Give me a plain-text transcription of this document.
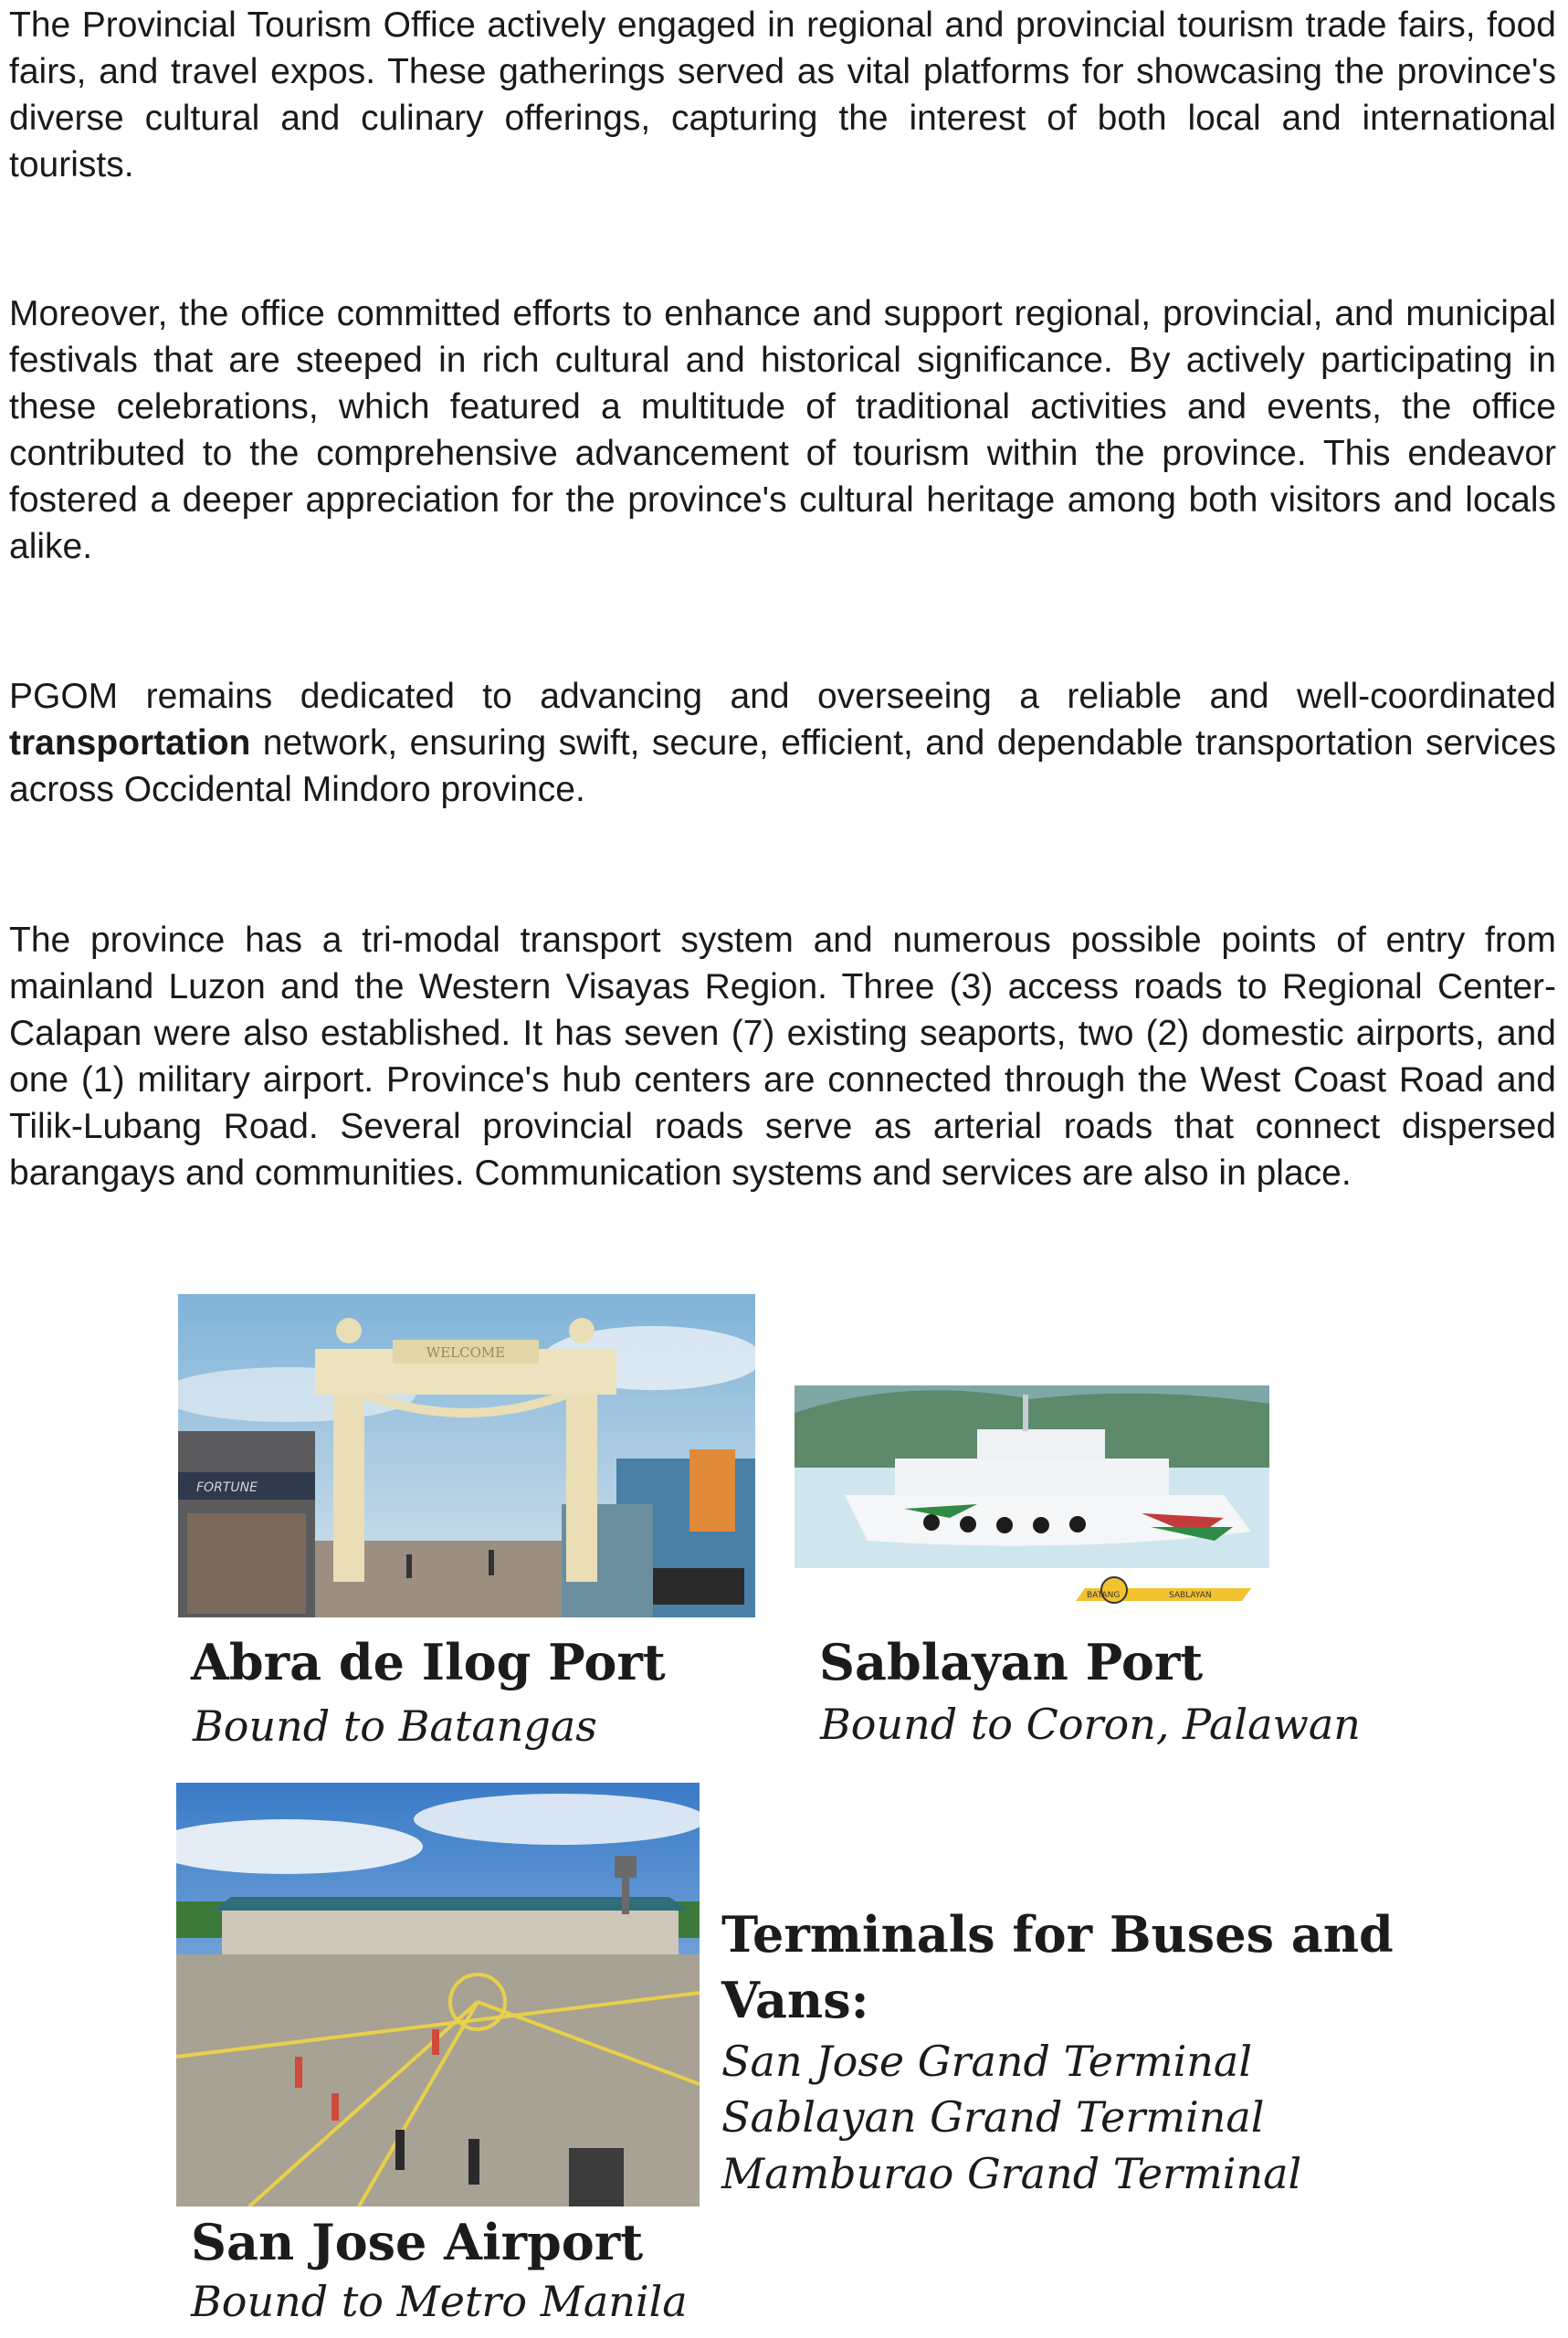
The Provincial Tourism Office actively engaged in regional and provincial tourism trade fairs, food fairs, and travel expos. These gatherings served as vital platforms for showcasing the province's diverse cultural and culinary offerings, capturing the interest of both local and international tourists.

Moreover, the office committed efforts to enhance and support regional, provincial, and municipal festivals that are steeped in rich cultural and historical significance. By actively participating in these celebrations, which featured a multitude of traditional activities and events, the office contributed to the comprehensive advancement of tourism within the province. This endeavor fostered a deeper appreciation for the province's cultural heritage among both visitors and locals alike.

PGOM remains dedicated to advancing and overseeing a reliable and well-coordinated transportation network, ensuring swift, secure, efficient, and dependable transportation services across Occidental Mindoro province.

The province has a tri-modal transport system and numerous possible points of entry from mainland Luzon and the Western Visayas Region. Three (3) access roads to Regional Center-Calapan were also established. It has seven (7) existing seaports, two (2) domestic airports, and one (1) military airport. Province's hub centers are connected through the West Coast Road and Tilik-Lubang Road. Several provincial roads serve as arterial roads that connect dispersed barangays and communities. Communication systems and services are also in place.

FORTUNE
WELCOME
BATANG	SABLAYAN
Abra de Ilog Port
Bound to Batangas
Sablayan Port
Bound to Coron, Palawan
Terminals for Buses and
Vans:
San Jose Grand Terminal
Sablayan Grand Terminal
Mamburao Grand Terminal
San Jose Airport
Bound to Metro Manila
